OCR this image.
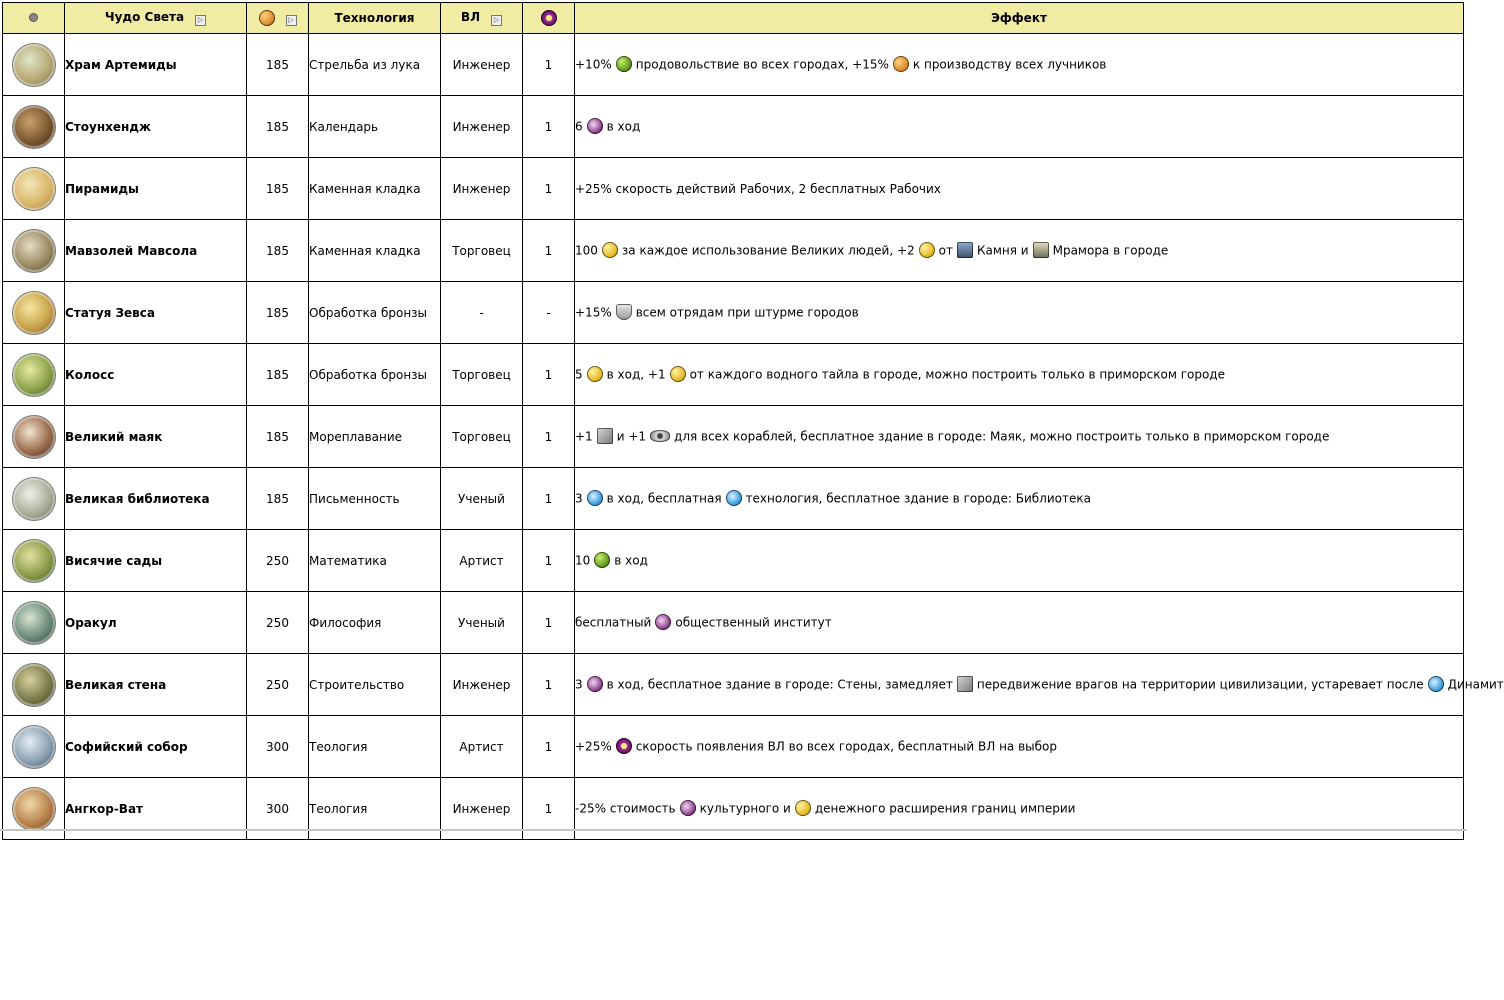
	Чудо Света ▷	▷	Технология	ВЛ ▷		Эффект
	Храм Артемиды	185	Стрельба из лука	Инженер	1	+10% продовольствие во всех городах, +15% к производству всех лучников
	Стоунхендж	185	Календарь	Инженер	1	6 в ход
	Пирамиды	185	Каменная кладка	Инженер	1	+25% скорость действий Рабочих, 2 бесплатных Рабочих
	Мавзолей Мавсола	185	Каменная кладка	Торговец	1	100 за каждое использование Великих людей, +2 от Камня и Мрамора в городе
	Статуя Зевса	185	Обработка бронзы	-	-	+15% всем отрядам при штурме городов
	Колосс	185	Обработка бронзы	Торговец	1	5 в ход, +1 от каждого водного тайла в городе, можно построить только в приморском городе
	Великий маяк	185	Мореплавание	Торговец	1	+1 и +1 для всех кораблей, бесплатное здание в городе: Маяк, можно построить только в приморском городе
	Великая библиотека	185	Письменность	Ученый	1	3 в ход, бесплатная технология, бесплатное здание в городе: Библиотека
	Висячие сады	250	Математика	Артист	1	10 в ход
	Оракул	250	Философия	Ученый	1	бесплатный общественный институт
	Великая стена	250	Строительство	Инженер	1	3 в ход, бесплатное здание в городе: Стены, замедляет передвижение врагов на территории цивилизации, устаревает после Динамит
	Софийский собор	300	Теология	Артист	1	+25% скорость появления ВЛ во всех городах, бесплатный ВЛ на выбор
	Ангкор-Ват	300	Теология	Инженер	1	-25% стоимость культурного и денежного расширения границ империи
